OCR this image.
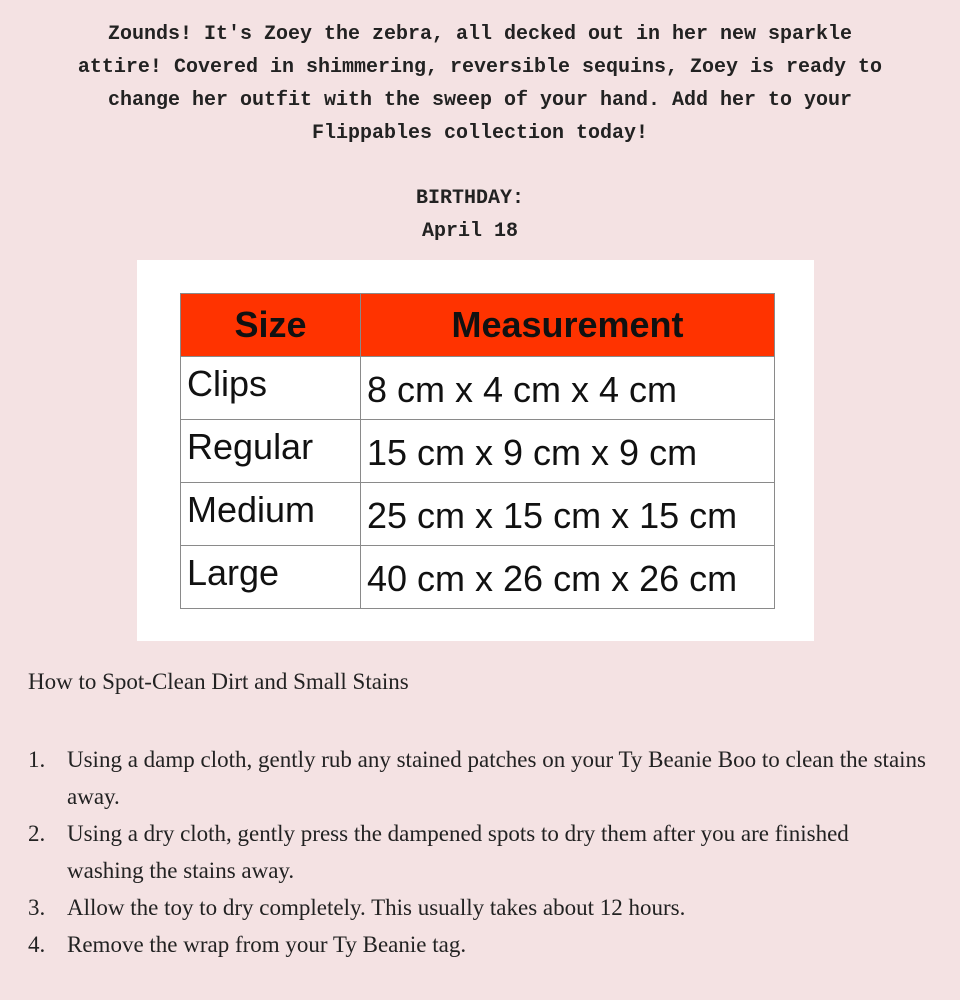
Zounds! It's Zoey the zebra, all decked out in her new sparkle
attire! Covered in shimmering, reversible sequins, Zoey is ready to
change her outfit with the sweep of your hand. Add her to your
Flippables collection today!

BIRTHDAY:
April 18
Size	Measurement
Clips	8 cm x 4 cm x 4 cm
Regular	15 cm x 9 cm x 9 cm
Medium	25 cm x 15 cm x 15 cm
Large	40 cm x 26 cm x 26 cm
How to Spot-Clean Dirt and Small Stains
1. Using a damp cloth, gently rub any stained patches on your Ty Beanie Boo to clean the stains away.
2. Using a dry cloth, gently press the dampened spots to dry them after you are finished washing the stains away.
3. Allow the toy to dry completely. This usually takes about 12 hours.
4. Remove the wrap from your Ty Beanie tag.
